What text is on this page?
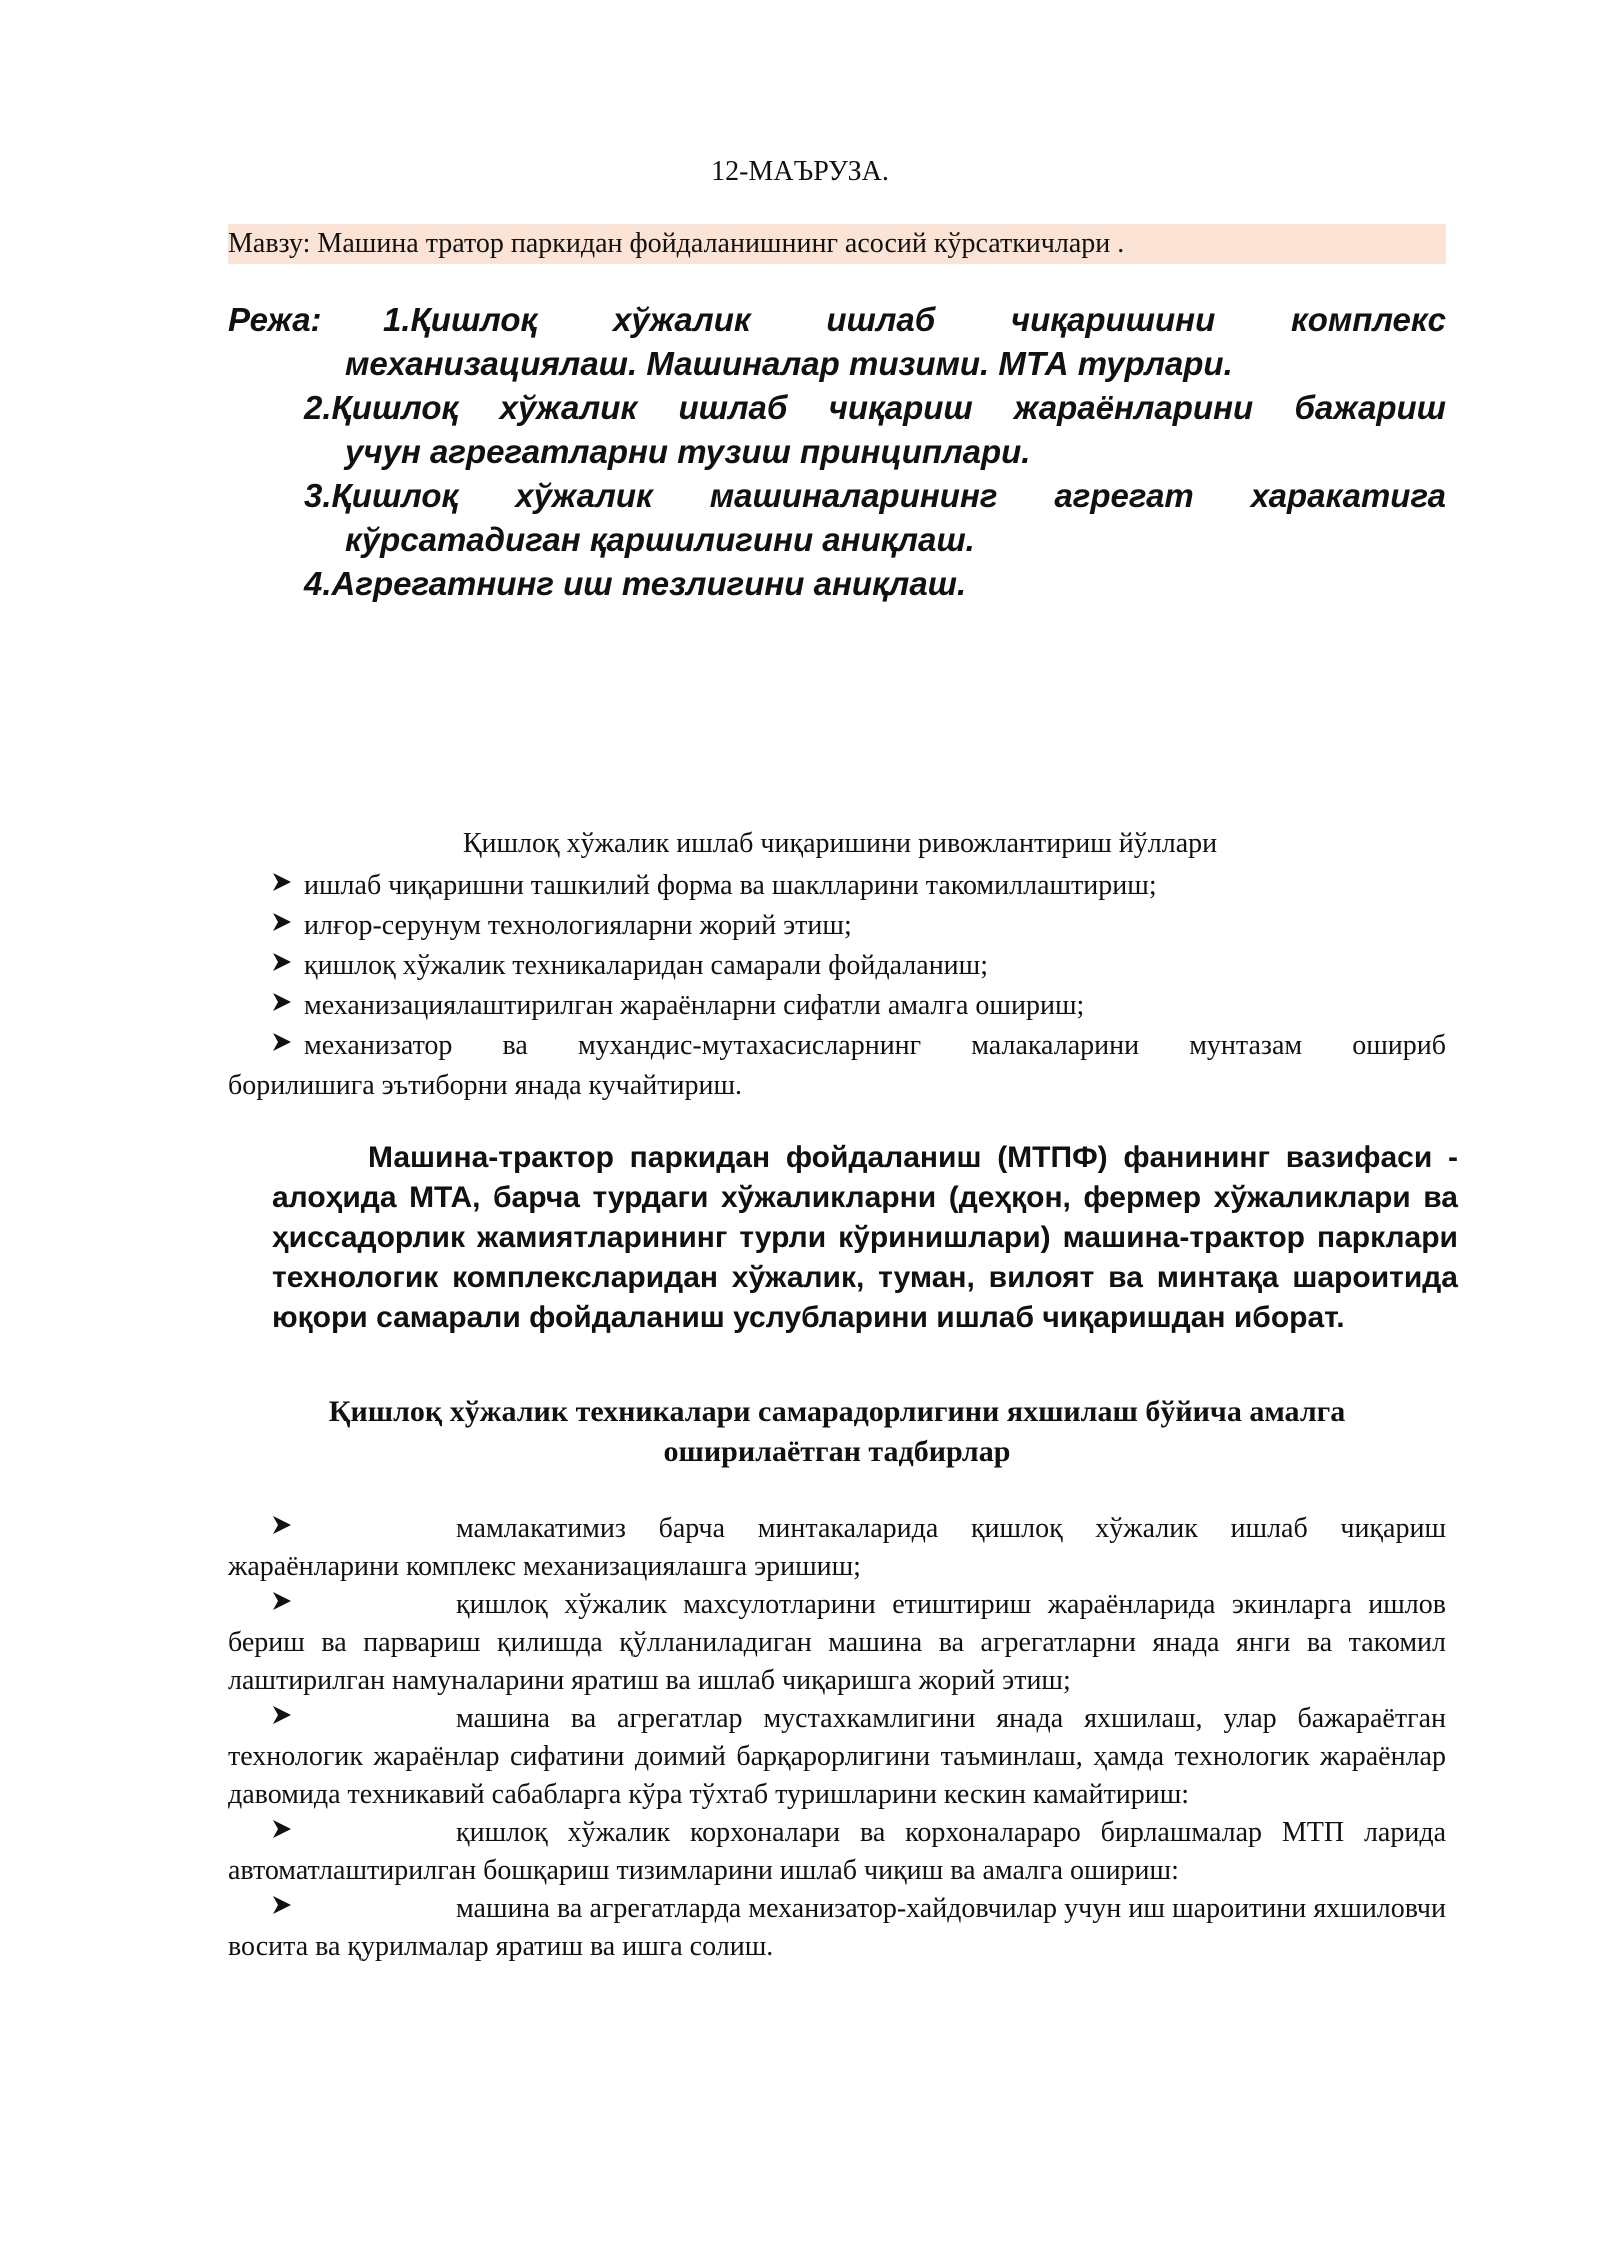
12-МАЪРУЗА.
Мавзу: Машина тратор паркидан фойдаланишнинг асосий кўрсаткичлари .
Режа:	1.Қишлоқ хўжалик ишлаб чиқаришини комплекс
механизациялаш. Машиналар тизими. МТА турлари.
2.Қишлоқ хўжалик ишлаб чиқариш жараёнларини бажариш
учун агрегатларни тузиш принциплари.
3.Қишлоқ хўжалик машиналарининг агрегат харакатига
кўрсатадиган қаршилигини аниқлаш.
4.Агрегатнинг иш тезлигини аниқлаш.
Қишлоқ хўжалик ишлаб чиқаришини ривожлантириш йўллари
ишлаб чиқаришни ташкилий форма ва шаклларини такомиллаштириш;
илғор-серунум технологияларни жорий этиш;
қишлоқ хўжалик техникаларидан самарали фойдаланиш;
механизациялаштирилган жараёнларни сифатли амалга ошириш;
механизатор ва мухандис-мутахасисларнинг малакаларини мунтазам ошириб
борилишига эътиборни янада кучайтириш.

Машина-трактор паркидан фойдаланиш (МТПФ) фанининг вазифаси - алоҳида МТА, барча турдаги хўжаликларни (деҳқон, фермер хўжаликлари ва ҳиссадорлик жамиятларининг турли кўринишлари) машина-трактор парклари технологик комплексларидан хўжалик, туман, вилоят ва минтақа шароитида юқори самарали фойдаланиш услубларини ишлаб чиқаришдан иборат.

Қишлоқ хўжалик техникалари самарадорлигини яхшилаш бўйича амалга
оширилаётган тадбирлар
мамлакатимиз барча минтакаларида қишлоқ хўжалик ишлаб чиқариш жараёнларини комплекс механизациялашга эришиш;
қишлоқ хўжалик махсулотларини етиштириш жараёнларида экинларга ишлов бериш ва парвариш қилишда қўлланиладиган машина ва агрегатларни янада янги ва такомил лаштирилган намуналарини яратиш ва ишлаб чиқаришга жорий этиш;
машина ва агрегатлар мустахкамлигини янада яхшилаш, улар бажараётган технологик жараёнлар сифатини доимий барқарорлигини таъминлаш, ҳамда технологик жараёнлар давомида техникавий сабабларга кўра тўхтаб туришларини кескин камайтириш:
қишлоқ хўжалик корхоналари ва корхоналараро бирлашмалар МТП ларида автоматлаштирилган бошқариш тизимларини ишлаб чиқиш ва амалга ошириш:
машина ва агрегатларда механизатор-хайдовчилар учун иш шароитини яхшиловчи восита ва қурилмалар яратиш ва ишга солиш.
